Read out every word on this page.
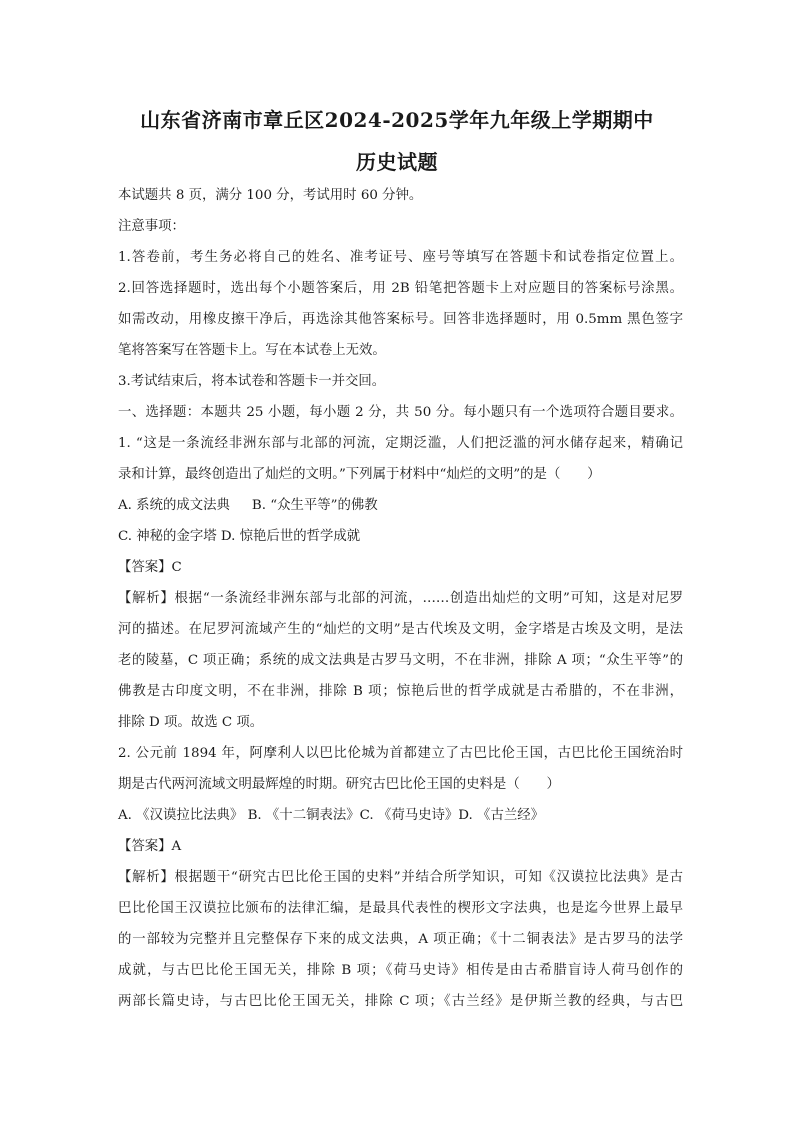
山东省济南市章丘区2024-2025学年九年级上学期期中
历史试题
本试题共 8 页，满分 100 分，考试用时 60 分钟。
注意事项：
1.答卷前，考生务必将自己的姓名、准考证号、座号等填写在答题卡和试卷指定位置上。
2.回答选择题时，选出每个小题答案后，用 2B 铅笔把答题卡上对应题目的答案标号涂黑。
如需改动，用橡皮擦干净后，再选涂其他答案标号。回答非选择题时，用 0.5mm 黑色签字
笔将答案写在答题卡上。写在本试卷上无效。
3.考试结束后，将本试卷和答题卡一并交回。
一、选择题：本题共 25 小题，每小题 2 分，共 50 分。每小题只有一个选项符合题目要求。
1. “这是一条流经非洲东部与北部的河流，定期泛滥，人们把泛滥的河水储存起来，精确记
录和计算，最终创造出了灿烂的文明。”下列属于材料中“灿烂的文明”的是（　　）
A. 系统的成文法典 B. “众生平等”的佛教
C. 神秘的金字塔 D. 惊艳后世的哲学成就
【答案】C
【解析】根据“一条流经非洲东部与北部的河流，……创造出灿烂的文明”可知，这是对尼罗
河的描述。在尼罗河流域产生的“灿烂的文明”是古代埃及文明，金字塔是古埃及文明，是法
老的陵墓，C 项正确；系统的成文法典是古罗马文明，不在非洲，排除 A 项；“众生平等”的
佛教是古印度文明，不在非洲，排除 B 项；惊艳后世的哲学成就是古希腊的，不在非洲，
排除 D 项。故选 C 项。
2. 公元前 1894 年，阿摩利人以巴比伦城为首都建立了古巴比伦王国，古巴比伦王国统治时
期是古代两河流域文明最辉煌的时期。研究古巴比伦王国的史料是（　　）
A. 《汉谟拉比法典》 B. 《十二铜表法》C. 《荷马史诗》D. 《古兰经》
【答案】A
【解析】根据题干“研究古巴比伦王国的史料”并结合所学知识，可知《汉谟拉比法典》是古
巴比伦国王汉谟拉比颁布的法律汇编，是最具代表性的楔形文字法典，也是迄今世界上最早
的一部较为完整并且完整保存下来的成文法典，A 项正确；《十二铜表法》是古罗马的法学
成就，与古巴比伦王国无关，排除 B 项；《荷马史诗》相传是由古希腊盲诗人荷马创作的
两部长篇史诗，与古巴比伦王国无关，排除 C 项；《古兰经》是伊斯兰教的经典，与古巴
